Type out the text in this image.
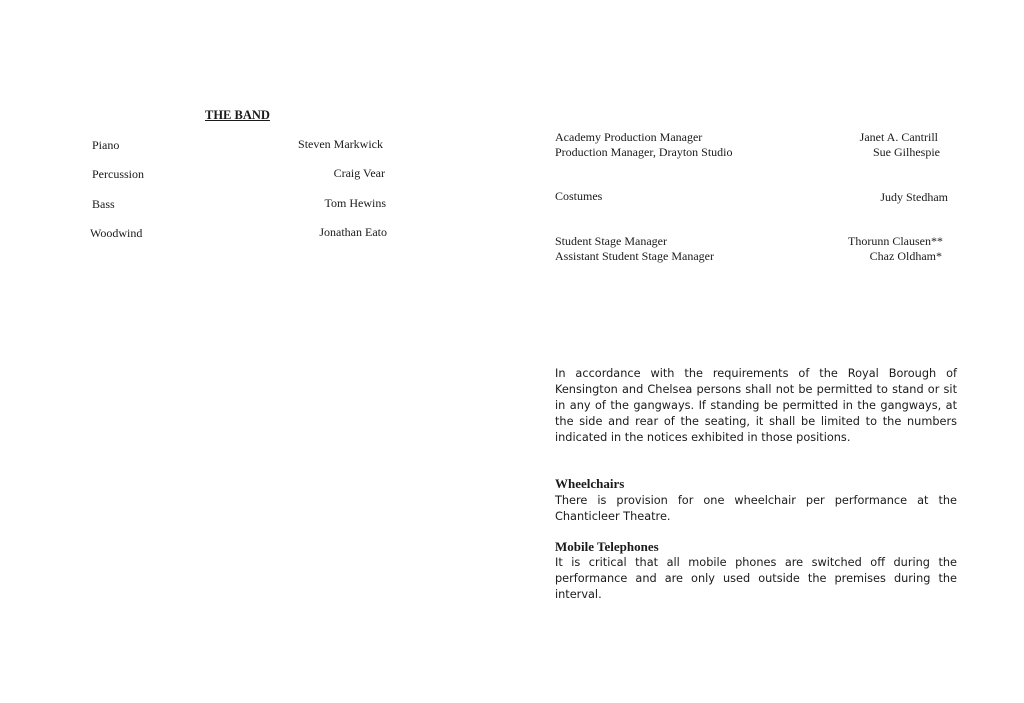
THE BAND
Piano	Steven Markwick
Percussion	Craig Vear
Bass	Tom Hewins
Woodwind	Jonathan Eato
Academy Production Manager	Janet A. Cantrill
Production Manager, Drayton Studio	Sue Gilhespie
Costumes	Judy Stedham
Student Stage Manager	Thorunn Clausen**
Assistant Student Stage Manager	Chaz Oldham*
In accordance with the requirements of the Royal Borough of Kensington and Chelsea persons shall not be permitted to stand or sit in any of the gangways. If standing be permitted in the gangways, at the side and rear of the seating, it shall be limited to the numbers indicated in the notices exhibited in those positions.
Wheelchairs
There is provision for one wheelchair per performance at the Chanticleer Theatre.
Mobile Telephones
It is critical that all mobile phones are switched off during the performance and are only used outside the premises during the interval.
